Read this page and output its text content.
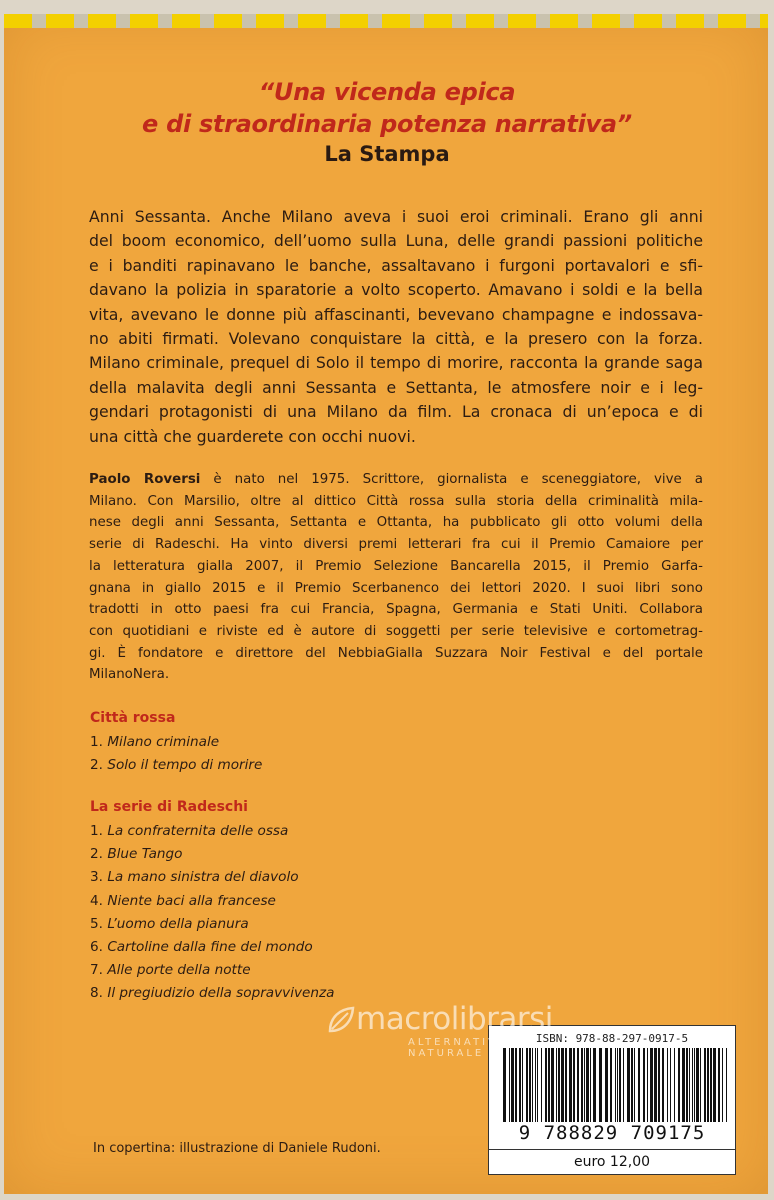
“Una vicenda epica
e di straordinaria potenza narrativa”
La Stampa
Anni Sessanta. Anche Milano aveva i suoi eroi criminali. Erano gli anni
del boom economico, dell’uomo sulla Luna, delle grandi passioni politiche
e i banditi rapinavano le banche, assaltavano i furgoni portavalori e sfi-
davano la polizia in sparatorie a volto scoperto. Amavano i soldi e la bella
vita, avevano le donne più affascinanti, bevevano champagne e indossava-
no abiti firmati. Volevano conquistare la città, e la presero con la forza.
Milano criminale, prequel di Solo il tempo di morire, racconta la grande saga
della malavita degli anni Sessanta e Settanta, le atmosfere noir e i leg-
gendari protagonisti di una Milano da film. La cronaca di un’epoca e di
una città che guarderete con occhi nuovi.
Paolo Roversi è nato nel 1975. Scrittore, giornalista e sceneggiatore, vive a
Milano. Con Marsilio, oltre al dittico Città rossa sulla storia della criminalità mila-
nese degli anni Sessanta, Settanta e Ottanta, ha pubblicato gli otto volumi della
serie di Radeschi. Ha vinto diversi premi letterari fra cui il Premio Camaiore per
la letteratura gialla 2007, il Premio Selezione Bancarella 2015, il Premio Garfa-
gnana in giallo 2015 e il Premio Scerbanenco dei lettori 2020. I suoi libri sono
tradotti in otto paesi fra cui Francia, Spagna, Germania e Stati Uniti. Collabora
con quotidiani e riviste ed è autore di soggetti per serie televisive e cortometrag-
gi. È fondatore e direttore del NebbiaGialla Suzzara Noir Festival e del portale
MilanoNera.
Città rossa
1. Milano criminale
2. Solo il tempo di morire
La serie di Radeschi
1. La confraternita delle ossa
2. Blue Tango
3. La mano sinistra del diavolo
4. Niente baci alla francese
5. L’uomo della pianura
6. Cartoline dalla fine del mondo
7. Alle porte della notte
8. Il pregiudizio della sopravvivenza
ISBN: 978-88-297-0917-5
9 788829 709175
euro 12,00
macrolibrarsi
ALTERNATIVA NATURALE
In copertina: illustrazione di Daniele Rudoni.
